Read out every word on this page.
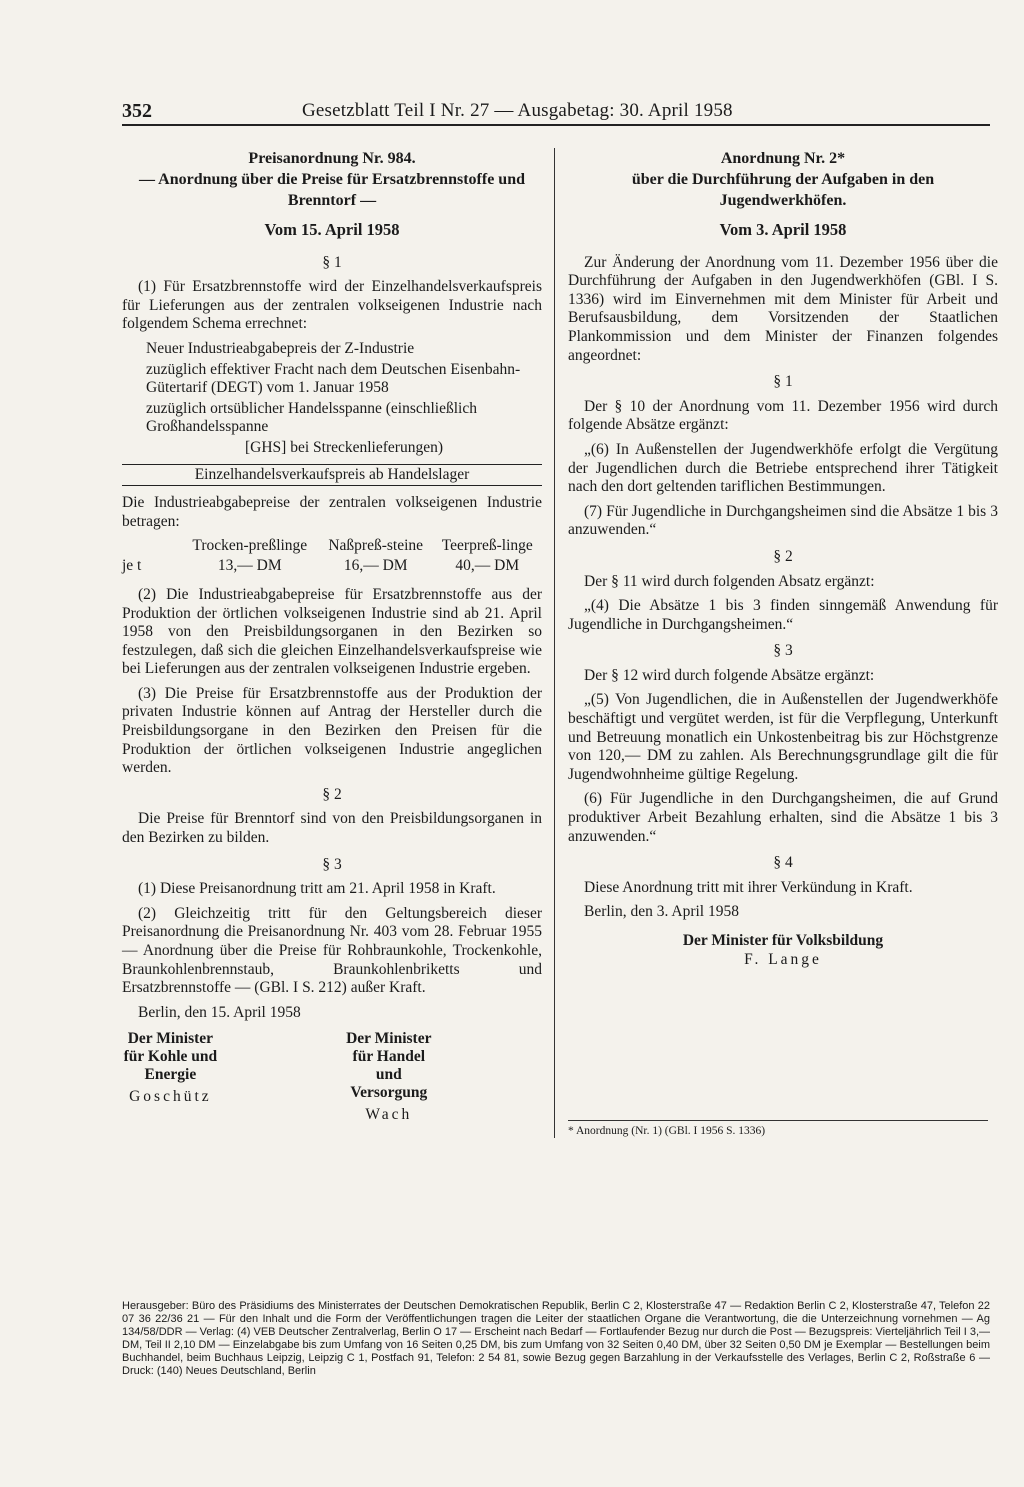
352	Gesetzblatt Teil I Nr. 27 — Ausgabetag: 30. April 1958
Preisanordnung Nr. 984.
— Anordnung über die Preise für Ersatzbrennstoffe und Brenntorf —
Vom 15. April 1958
§ 1

(1) Für Ersatzbrennstoffe wird der Einzelhandelsverkaufspreis für Lieferungen aus der zentralen volkseigenen Industrie nach folgendem Schema errechnet:

Neuer Industrieabgabepreis der Z-Industrie
zuzüglich effektiver Fracht nach dem Deutschen Eisenbahn-Gütertarif (DEGT) vom 1. Januar 1958
zuzüglich ortsüblicher Handelsspanne (einschließlich Großhandelsspanne
[GHS] bei Streckenlieferungen)
Einzelhandelsverkaufspreis ab Handelslager

Die Industrieabgabepreise der zentralen volkseigenen Industrie betragen:

	Trocken-preßlinge	Naßpreß-steine	Teerpreß-linge
je t	13,— DM	16,— DM	40,— DM

(2) Die Industrieabgabepreise für Ersatzbrennstoffe aus der Produktion der örtlichen volkseigenen Industrie sind ab 21. April 1958 von den Preisbildungsorganen in den Bezirken so festzulegen, daß sich die gleichen Einzelhandelsverkaufspreise wie bei Lieferungen aus der zentralen volkseigenen Industrie ergeben.

(3) Die Preise für Ersatzbrennstoffe aus der Produktion der privaten Industrie können auf Antrag der Hersteller durch die Preisbildungsorgane in den Bezirken den Preisen für die Produktion der örtlichen volkseigenen Industrie angeglichen werden.

§ 2

Die Preise für Brenntorf sind von den Preisbildungsorganen in den Bezirken zu bilden.

§ 3

(1) Diese Preisanordnung tritt am 21. April 1958 in Kraft.

(2) Gleichzeitig tritt für den Geltungsbereich dieser Preisanordnung die Preisanordnung Nr. 403 vom 28. Februar 1955 — Anordnung über die Preise für Rohbraunkohle, Trockenkohle, Braunkohlenbrennstaub, Braunkohlenbriketts und Ersatzbrennstoffe — (GBl. I S. 212) außer Kraft.

Berlin, den 15. April 1958

Der Minister für Kohle und Energie
Goschütz
Der Minister für Handel und Versorgung
Wach
Anordnung Nr. 2*
über die Durchführung der Aufgaben in den Jugendwerkhöfen.
Vom 3. April 1958

Zur Änderung der Anordnung vom 11. Dezember 1956 über die Durchführung der Aufgaben in den Jugendwerkhöfen (GBl. I S. 1336) wird im Einvernehmen mit dem Minister für Arbeit und Berufsausbildung, dem Vorsitzenden der Staatlichen Plankommission und dem Minister der Finanzen folgendes angeordnet:

§ 1

Der § 10 der Anordnung vom 11. Dezember 1956 wird durch folgende Absätze ergänzt:

„(6) In Außenstellen der Jugendwerkhöfe erfolgt die Vergütung der Jugendlichen durch die Betriebe entsprechend ihrer Tätigkeit nach den dort geltenden tariflichen Bestimmungen.

(7) Für Jugendliche in Durchgangsheimen sind die Absätze 1 bis 3 anzuwenden.“

§ 2

Der § 11 wird durch folgenden Absatz ergänzt:

„(4) Die Absätze 1 bis 3 finden sinngemäß Anwendung für Jugendliche in Durchgangsheimen.“

§ 3

Der § 12 wird durch folgende Absätze ergänzt:

„(5) Von Jugendlichen, die in Außenstellen der Jugendwerkhöfe beschäftigt und vergütet werden, ist für die Verpflegung, Unterkunft und Betreuung monatlich ein Unkostenbeitrag bis zur Höchstgrenze von 120,— DM zu zahlen. Als Berechnungsgrundlage gilt die für Jugendwohnheime gültige Regelung.

(6) Für Jugendliche in den Durchgangsheimen, die auf Grund produktiver Arbeit Bezahlung erhalten, sind die Absätze 1 bis 3 anzuwenden.“

§ 4

Diese Anordnung tritt mit ihrer Verkündung in Kraft.

Berlin, den 3. April 1958

Der Minister für Volksbildung
F. Lange
* Anordnung (Nr. 1) (GBl. I 1956 S. 1336)
Herausgeber: Büro des Präsidiums des Ministerrates der Deutschen Demokratischen Republik, Berlin C 2, Klosterstraße 47 — Redaktion Berlin C 2, Klosterstraße 47, Telefon 22 07 36 22/36 21 — Für den Inhalt und die Form der Veröffentlichungen tragen die Leiter der staatlichen Organe die Verantwortung, die die Unterzeichnung vornehmen — Ag 134/58/DDR — Verlag: (4) VEB Deutscher Zentralverlag, Berlin O 17 — Erscheint nach Bedarf — Fortlaufender Bezug nur durch die Post — Bezugspreis: Vierteljährlich Teil I 3,— DM, Teil II 2,10 DM — Einzelabgabe bis zum Umfang von 16 Seiten 0,25 DM, bis zum Umfang von 32 Seiten 0,40 DM, über 32 Seiten 0,50 DM je Exemplar — Bestellungen beim Buchhandel, beim Buchhaus Leipzig, Leipzig C 1, Postfach 91, Telefon: 2 54 81, sowie Bezug gegen Barzahlung in der Verkaufsstelle des Verlages, Berlin C 2, Roßstraße 6 — Druck: (140) Neues Deutschland, Berlin
